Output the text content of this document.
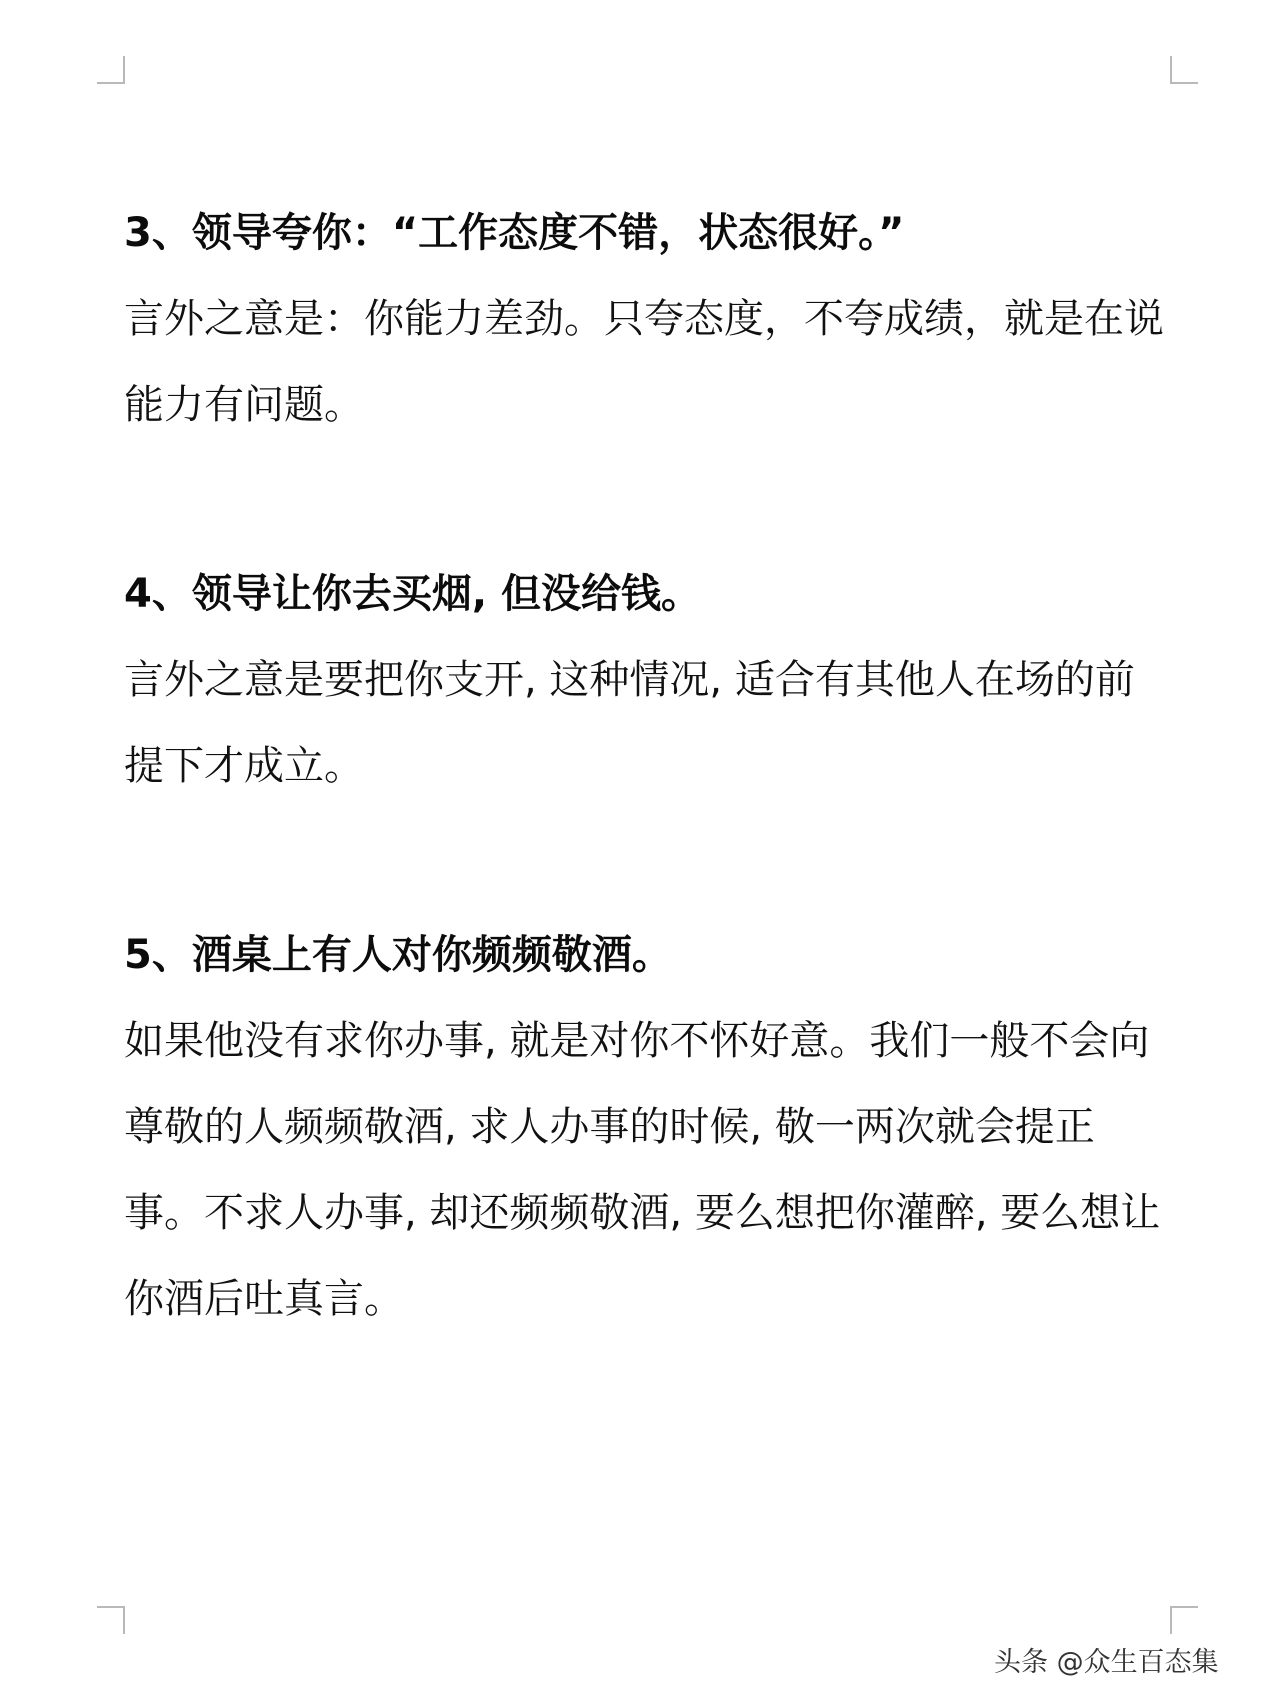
3、领导夸你：“工作态度不错，状态很好。”

言外之意是：你能力差劲。只夸态度，不夸成绩，就是在说能力有问题。

4、领导让你去买烟, 但没给钱。

言外之意是要把你支开, 这种情况, 适合有其他人在场的前提下才成立。

5、酒桌上有人对你频频敬酒。

如果他没有求你办事, 就是对你不怀好意。我们一般不会向尊敬的人频频敬酒, 求人办事的时候, 敬一两次就会提正事。不求人办事, 却还频频敬酒, 要么想把你灌醉, 要么想让你酒后吐真言。

头条 @众生百态集
